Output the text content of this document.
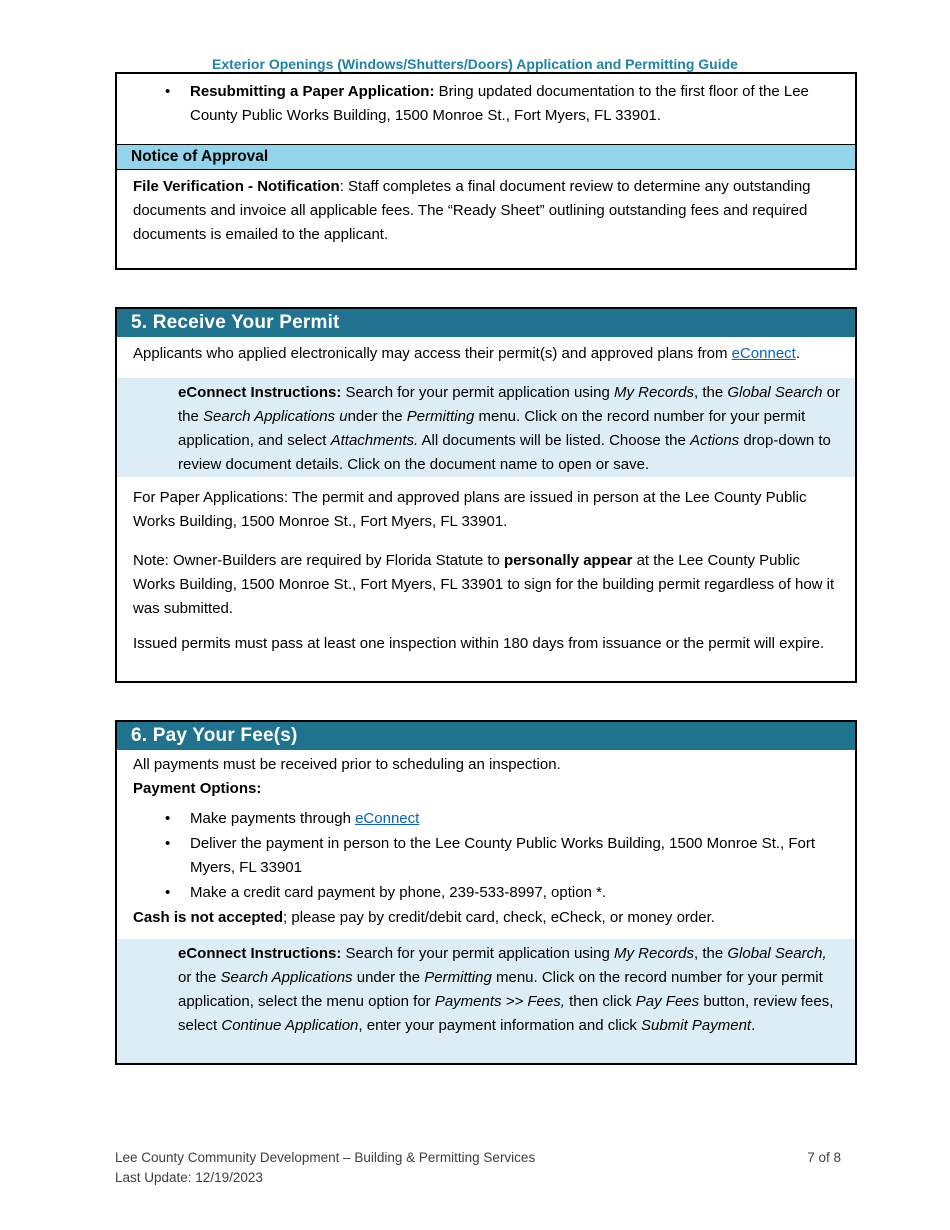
Exterior Openings (Windows/Shutters/Doors) Application and Permitting Guide
•	Resubmitting a Paper Application: Bring updated documentation to the first floor of the Lee County Public Works Building, 1500 Monroe St., Fort Myers, FL 33901.
Notice of Approval
File Verification - Notification: Staff completes a final document review to determine any outstanding documents and invoice all applicable fees. The “Ready Sheet” outlining outstanding fees and required documents is emailed to the applicant.
5. Receive Your Permit
Applicants who applied electronically may access their permit(s) and approved plans from eConnect.
eConnect Instructions: Search for your permit application using My Records, the Global Search or the Search Applications under the Permitting menu. Click on the record number for your permit application, and select Attachments. All documents will be listed. Choose the Actions drop-down to review document details. Click on the document name to open or save.
For Paper Applications: The permit and approved plans are issued in person at the Lee County Public Works Building, 1500 Monroe St., Fort Myers, FL 33901.
Note: Owner-Builders are required by Florida Statute to personally appear at the Lee County Public Works Building, 1500 Monroe St., Fort Myers, FL 33901 to sign for the building permit regardless of how it was submitted.
Issued permits must pass at least one inspection within 180 days from issuance or the permit will expire.
6. Pay Your Fee(s)
All payments must be received prior to scheduling an inspection.
Payment Options:
•	Make payments through eConnect
•	Deliver the payment in person to the Lee County Public Works Building, 1500 Monroe St., Fort Myers, FL 33901
•	Make a credit card payment by phone, 239-533-8997, option *.
Cash is not accepted; please pay by credit/debit card, check, eCheck, or money order.
eConnect Instructions: Search for your permit application using My Records, the Global Search, or the Search Applications under the Permitting menu. Click on the record number for your permit application, select the menu option for Payments >> Fees, then click Pay Fees button, review fees, select Continue Application, enter your payment information and click Submit Payment.
Lee County Community Development – Building & Permitting Services	7 of 8
Last Update: 12/19/2023
